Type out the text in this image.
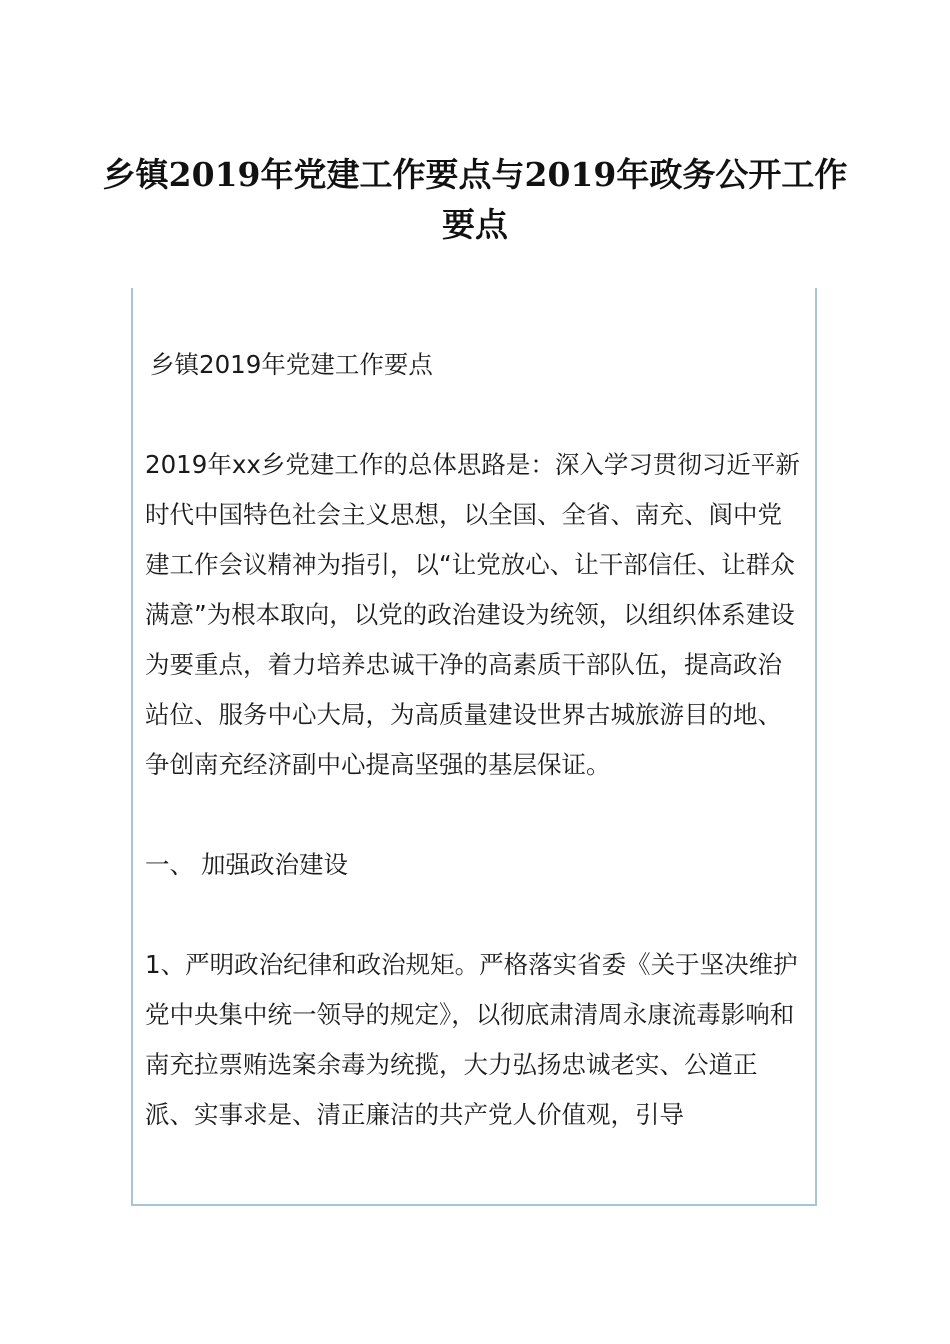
乡镇2019年党建工作要点与2019年政务公开工作要点

乡镇2019年党建工作要点

2019年xx乡党建工作的总体思路是：深入学习贯彻习近平新时代中国特色社会主义思想，以全国、全省、南充、阆中党建工作会议精神为指引，以“让党放心、让干部信任、让群众满意”为根本取向，以党的政治建设为统领，以组织体系建设为要重点，着力培养忠诚干净的高素质干部队伍，提高政治站位、服务中心大局，为高质量建设世界古城旅游目的地、争创南充经济副中心提高坚强的基层保证。

一、 加强政治建设

1、严明政治纪律和政治规矩。严格落实省委《关于坚决维护党中央集中统一领导的规定》，以彻底肃清周永康流毒影响和南充拉票贿选案余毒为统揽，大力弘扬忠诚老实、公道正派、实事求是、清正廉洁的共产党人价值观，引导
